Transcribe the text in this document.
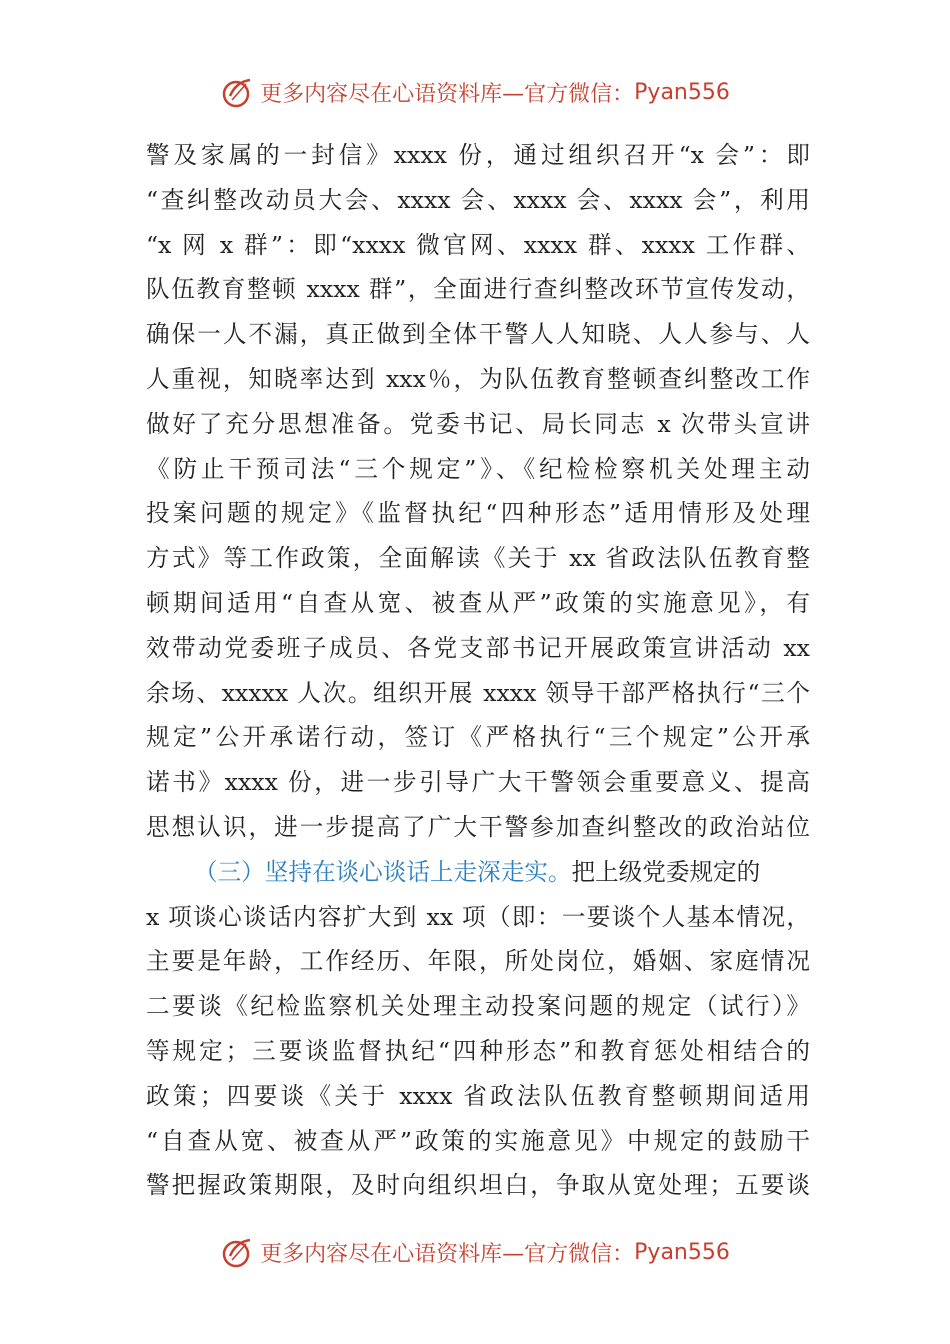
更多内容尽在心语资料库—官方微信： Pyan556
警及家属的一封信》xxxx 份，通过组织召开“x 会”：即
“查纠整改动员大会、xxxx 会、xxxx 会、xxxx 会”，利用
“x 网 x 群”：即“xxxx 微官网、xxxx 群、xxxx 工作群、
队伍教育整顿 xxxx 群”，全面进行查纠整改环节宣传发动，
确保一人不漏，真正做到全体干警人人知晓、人人参与、人
人重视，知晓率达到 xxx％，为队伍教育整顿查纠整改工作
做好了充分思想准备。党委书记、局长同志 x 次带头宣讲
《防止干预司法“三个规定”》、《纪检检察机关处理主动
投案问题的规定》《监督执纪“四种形态”适用情形及处理
方式》等工作政策，全面解读《关于 xx 省政法队伍教育整
顿期间适用“自查从宽、被查从严”政策的实施意见》，有
效带动党委班子成员、各党支部书记开展政策宣讲活动 xx
余场、xxxxx 人次。组织开展 xxxx 领导干部严格执行“三个
规定”公开承诺行动，签订《严格执行“三个规定”公开承
诺书》xxxx 份，进一步引导广大干警领会重要意义、提高
思想认识，进一步提高了广大干警参加查纠整改的政治站位
（三）坚持在谈心谈话上走深走实。把上级党委规定的
x 项谈心谈话内容扩大到 xx 项（即：一要谈个人基本情况，
主要是年龄，工作经历、年限，所处岗位，婚姻、家庭情况
二要谈《纪检监察机关处理主动投案问题的规定（试行）》
等规定；三要谈监督执纪“四种形态”和教育惩处相结合的
政策；四要谈《关于 xxxx 省政法队伍教育整顿期间适用
“自查从宽、被查从严”政策的实施意见》中规定的鼓励干
警把握政策期限，及时向组织坦白，争取从宽处理；五要谈
更多内容尽在心语资料库—官方微信： Pyan556
